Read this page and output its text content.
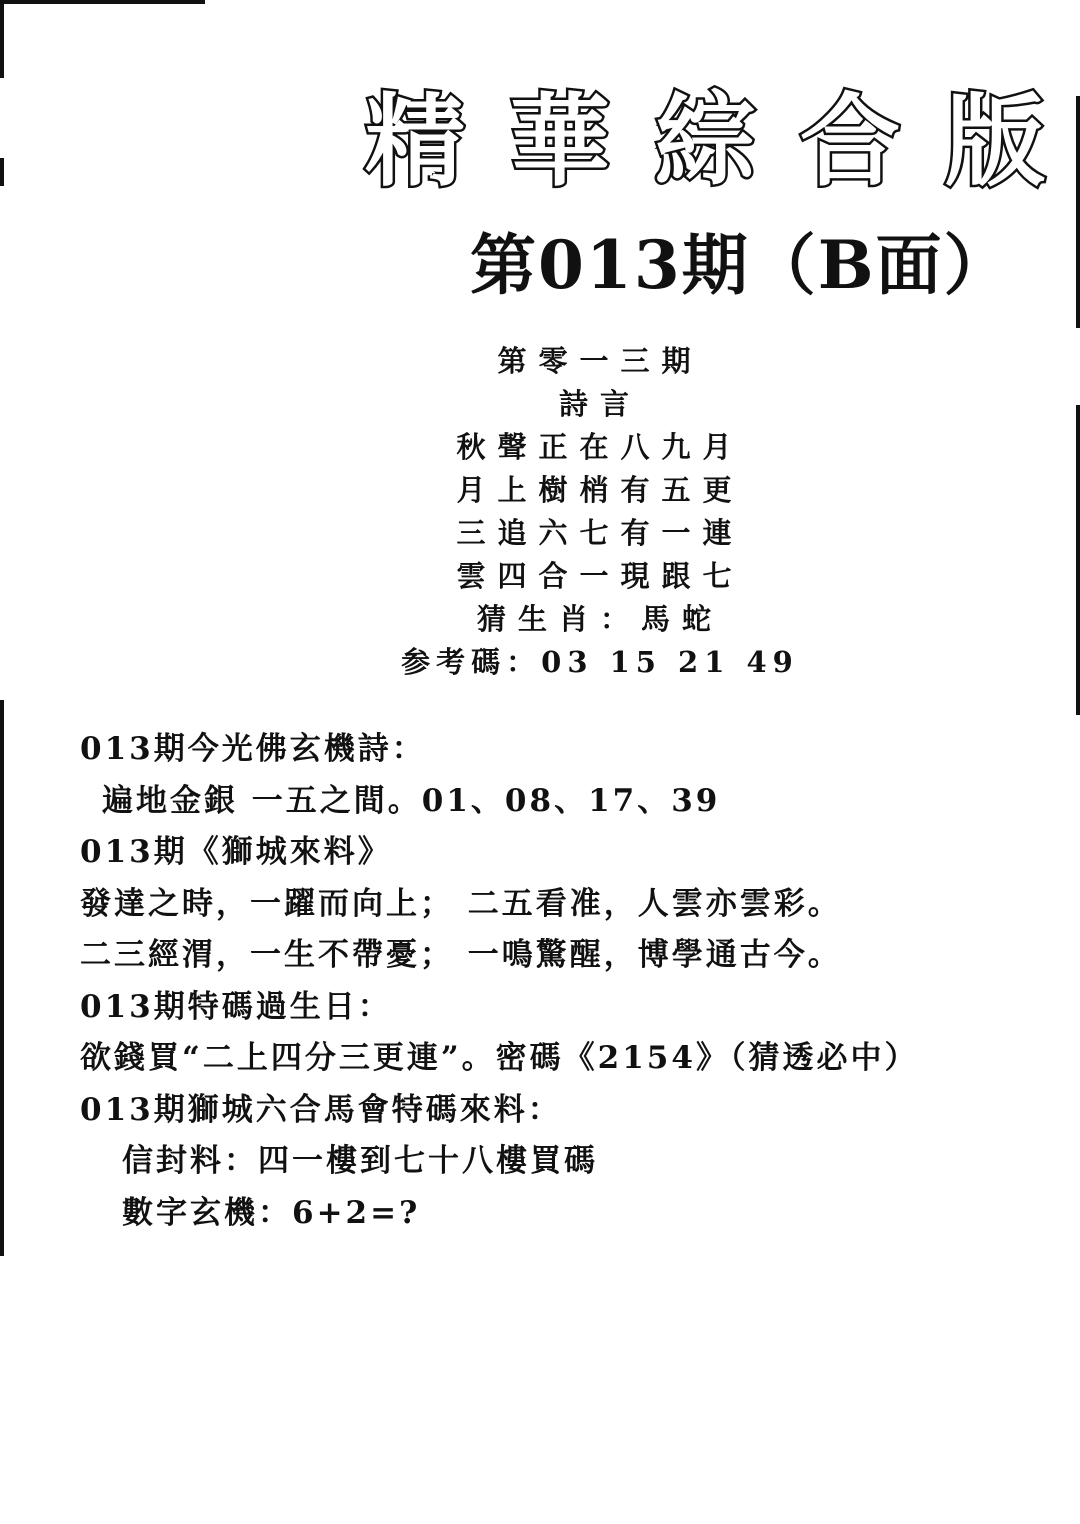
精 華 綜 合 版
第013期（B面）
第零一三期
詩言
秋聲正在八九月
月上樹梢有五更
三追六七有一連
雲四合一現跟七
猜生肖：馬蛇
参考碼：03 15 21 49
013期今光佛玄機詩：
遍地金銀 一五之間。01、08、17、39
013期《獅城來料》
發達之時，一躍而向上； 二五看准，人雲亦雲彩。
二三經渭，一生不帶憂； 一鳴驚醒，博學通古今。
013期特碼過生日：
欲錢買“二上四分三更連”。密碼《2154》（猜透必中）
013期獅城六合馬會特碼來料：
信封料：四一樓到七十八樓買碼
數字玄機：6+2=?
